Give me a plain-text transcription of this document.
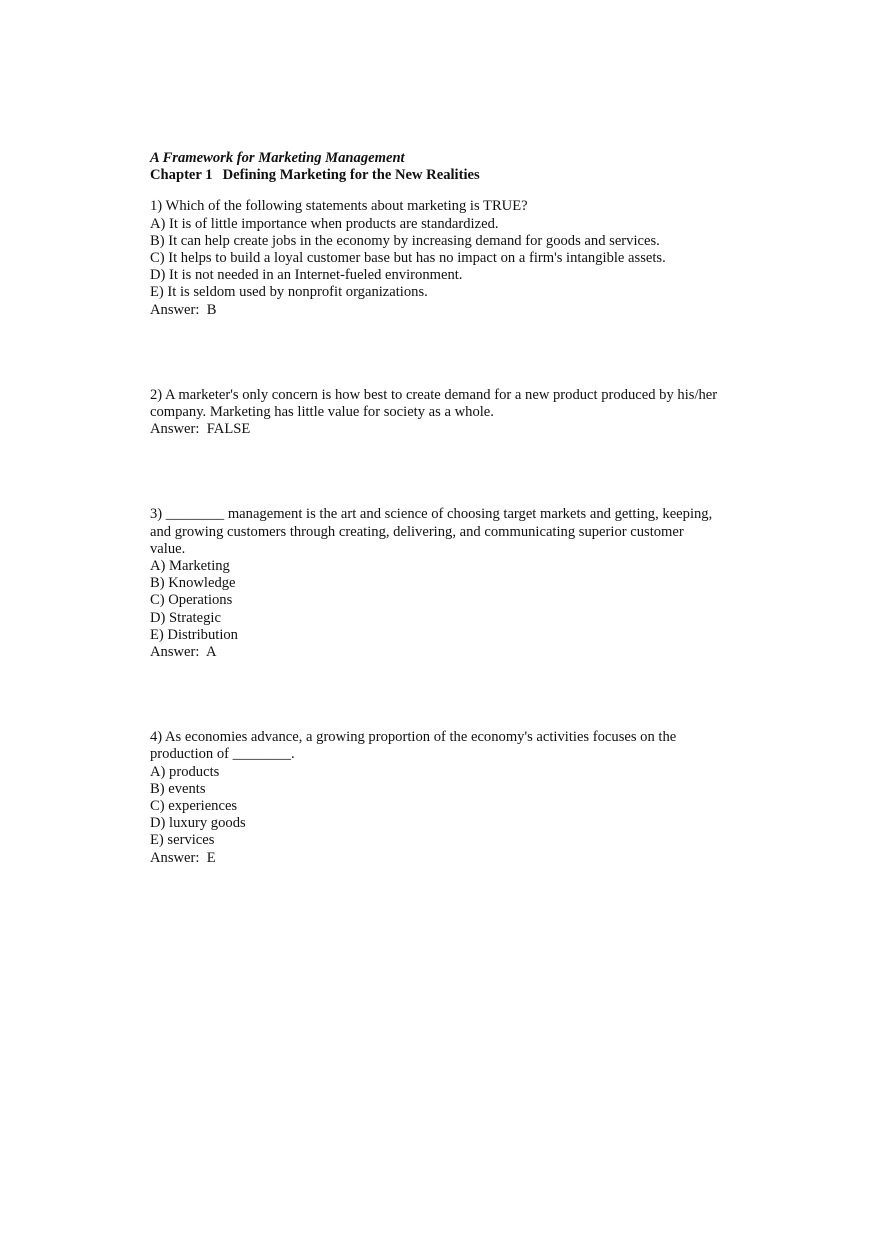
A Framework for Marketing Management

Chapter 1 Defining Marketing for the New Realities

1) Which of the following statements about marketing is TRUE?
A) It is of little importance when products are standardized.
B) It can help create jobs in the economy by increasing demand for goods and services.
C) It helps to build a loyal customer base but has no impact on a firm's intangible assets.
D) It is not needed in an Internet-fueled environment.
E) It is seldom used by nonprofit organizations.
Answer:  B
2) A marketer's only concern is how best to create demand for a new product produced by his/her
company. Marketing has little value for society as a whole.
Answer:  FALSE
3) ________ management is the art and science of choosing target markets and getting, keeping,
and growing customers through creating, delivering, and communicating superior customer
value.
A) Marketing
B) Knowledge
C) Operations
D) Strategic
E) Distribution
Answer:  A
4) As economies advance, a growing proportion of the economy's activities focuses on the
production of ________.
A) products
B) events
C) experiences
D) luxury goods
E) services
Answer:  E
